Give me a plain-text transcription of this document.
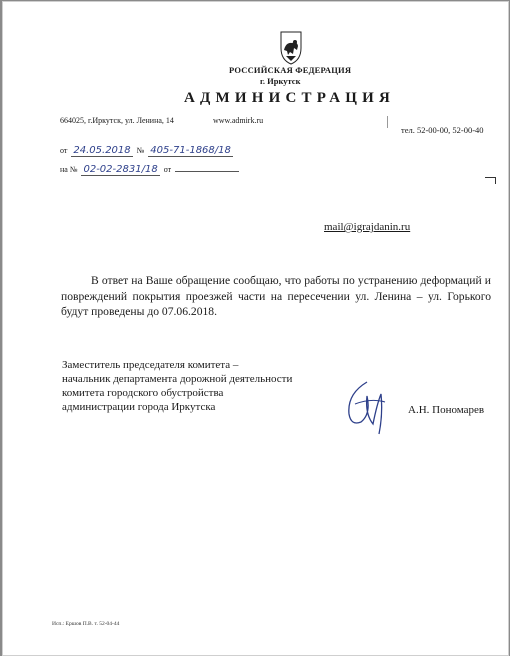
РОССИЙСКАЯ ФЕДЕРАЦИЯ
г. Иркутск
АДМИНИСТРАЦИЯ
664025, г.Иркутск, ул. Ленина, 14	www.admirk.ru
тел. 52-00-00, 52-00-40
от 24.05.2018 № 405-71-1868/18
на № 02-02-2831/18 от
mail@igrajdanin.ru

В ответ на Ваше обращение сообщаю, что работы по устранению деформаций и повреждений покрытия проезжей части на пересечении ул. Ленина – ул. Горького будут проведены до 07.06.2018.

Заместитель председателя комитета –
начальник департамента дорожной деятельности
комитета городского обустройства
администрации города Иркутска	А.Н. Пономарев
Исп.: Ершов П.В. т. 52-04-44
